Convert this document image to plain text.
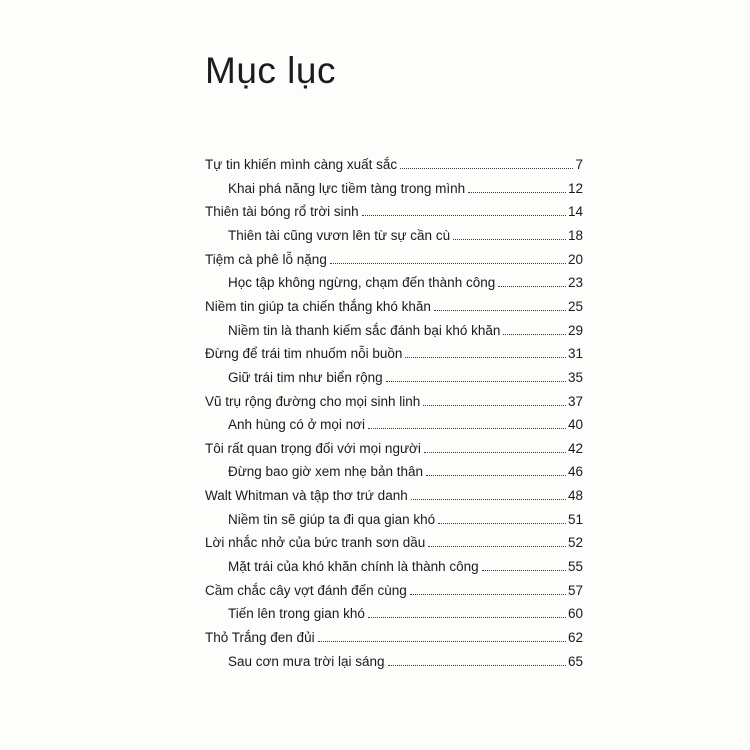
Mục lục
Tự tin khiến mình càng xuất sắc	7
Khai phá năng lực tiềm tàng trong mình	12
Thiên tài bóng rổ trời sinh	14
Thiên tài cũng vươn lên từ sự cần cù	18
Tiệm cà phê lỗ nặng	20
Học tập không ngừng, chạm đến thành công	23
Niềm tin giúp ta chiến thắng khó khăn	25
Niềm tin là thanh kiếm sắc đánh bại khó khăn	29
Đừng để trái tim nhuốm nỗi buồn	31
Giữ trái tim như biển rộng	35
Vũ trụ rộng đường cho mọi sinh linh	37
Anh hùng có ở mọi nơi	40
Tôi rất quan trọng đối với mọi người	42
Đừng bao giờ xem nhẹ bản thân	46
Walt Whitman và tập thơ trứ danh	48
Niềm tin sẽ giúp ta đi qua gian khó	51
Lời nhắc nhở của bức tranh sơn dầu	52
Mặt trái của khó khăn chính là thành công	55
Cầm chắc cây vợt đánh đến cùng	57
Tiến lên trong gian khó	60
Thỏ Trắng đen đủi	62
Sau cơn mưa trời lại sáng	65
